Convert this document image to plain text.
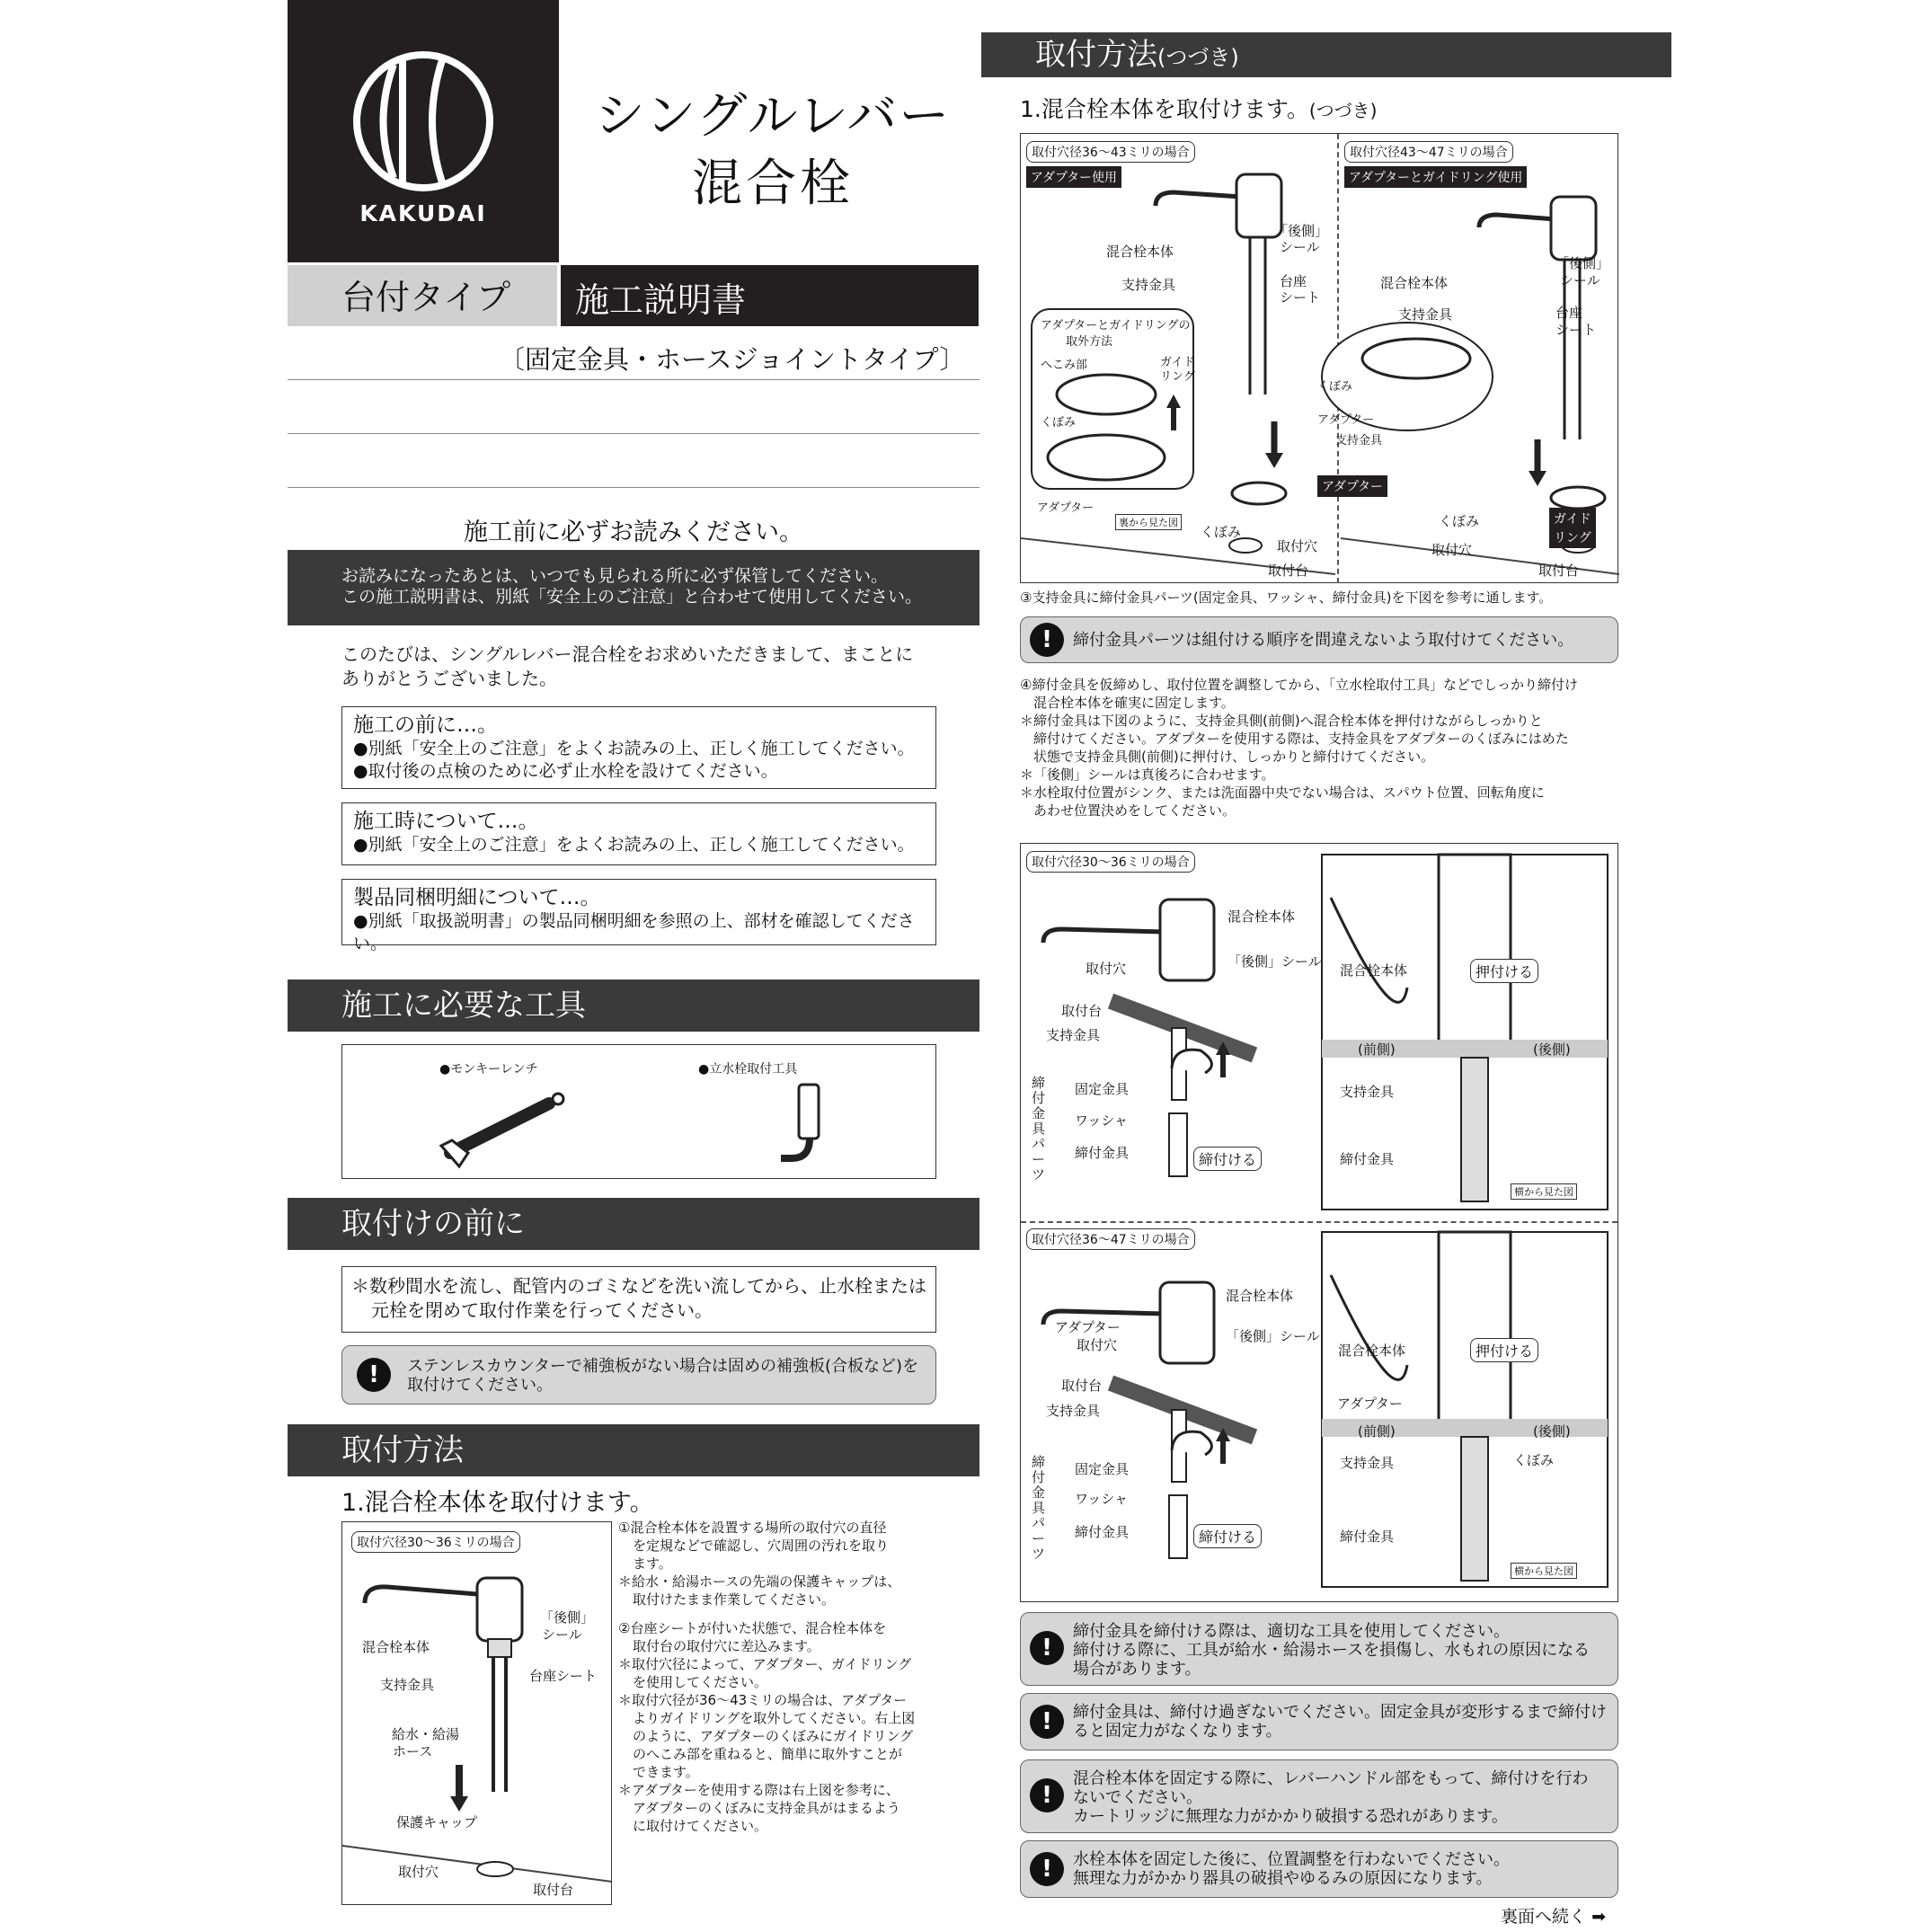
KAKUDAI
シングルレバー
混合栓
台付タイプ 施工説明書
〔固定金具・ホースジョイントタイプ〕
施工前に必ずお読みください。
お読みになったあとは、いつでも見られる所に必ず保管してください。
この施工説明書は、別紙「安全上のご注意」と合わせて使用してください。
このたびは、シングルレバー混合栓をお求めいただきまして、まことに
ありがとうございました。
施工の前に…。
●別紙「安全上のご注意」をよくお読みの上、正しく施工してください。
●取付後の点検のために必ず止水栓を設けてください。
施工時について…。
●別紙「安全上のご注意」をよくお読みの上、正しく施工してください。
製品同梱明細について…。
●別紙「取扱説明書」の製品同梱明細を参照の上、部材を確認してください。
施工に必要な工具
●モンキーレンチ	●立水栓取付工具
取付けの前に
＊数秒間水を流し、配管内のゴミなどを洗い流してから、止水栓または
元栓を閉めて取付作業を行ってください。
!	ステンレスカウンターで補強板がない場合は固めの補強板(合板など)を
取付けてください。
取付方法
1.混合栓本体を取付けます。
取付穴径30〜36ミリの場合
「後側」
シール
混合栓本体
支持金具
台座シート
給水・給湯
ホース
保護キャップ
取付穴
取付台
①混合栓本体を設置する場所の取付穴の直径
を定規などで確認し、穴周囲の汚れを取り
ます。
＊給水・給湯ホースの先端の保護キャップは、
取付けたまま作業してください。
②台座シートが付いた状態で、混合栓本体を
取付台の取付穴に差込みます。
＊取付穴径によって、アダプター、ガイドリング
を使用してください。
＊取付穴径が36〜43ミリの場合は、アダプター
よりガイドリングを取外してください。右上図
のように、アダプターのくぼみにガイドリング
のへこみ部を重ねると、簡単に取外すことが
できます。
＊アダプターを使用する際は右上図を参考に、
アダプターのくぼみに支持金具がはまるよう
に取付けてください。
取付方法(つづき)
1.混合栓本体を取付けます。(つづき)
取付穴径36〜43ミリの場合
アダプター使用
混合栓本体
支持金具
「後側」
シール
台座
シート
アダプターとガイドリングの
取外方法
へこみ部	ガイド
リング
くぼみ
アダプター
裏から見た図
くぼみ
取付穴
取付台
取付穴径43〜47ミリの場合
アダプターとガイドリング使用
混合栓本体
支持金具
「後側」
シール
台座
シート
くぼみ
アダプター
支持金具
アダプター
くぼみ
取付穴
ガイド
リング
取付台
③支持金具に締付金具パーツ(固定金具、ワッシャ、締付金具)を下図を参考に通します。
!	締付金具パーツは組付ける順序を間違えないよう取付けてください。
④締付金具を仮締めし、取付位置を調整してから、「立水栓取付工具」などでしっかり締付け
混合栓本体を確実に固定します。
＊締付金具は下図のように、支持金具側(前側)へ混合栓本体を押付けながらしっかりと
締付けてください。アダプターを使用する際は、支持金具をアダプターのくぼみにはめた
状態で支持金具側(前側)に押付け、しっかりと締付けてください。
＊「後側」シールは真後ろに合わせます。
＊水栓取付位置がシンク、または洗面器中央でない場合は、スパウト位置、回転角度に
あわせ位置決めをしてください。
取付穴径30〜36ミリの場合
混合栓本体
取付穴	「後側」シール
取付台
支持金具
固定金具
ワッシャ
締付金具	締付ける
混合栓本体	押付ける
(前側)	(後側)
支持金具
締付金具
横から見た図
締付金具パーツ
取付穴径36〜47ミリの場合
混合栓本体
アダプター
取付穴
「後側」シール
取付台
支持金具
固定金具
ワッシャ
締付金具	締付ける
混合栓本体	押付ける
アダプター
(前側)	(後側)
支持金具	くぼみ
締付金具
横から見た図
締付金具パーツ
!
締付金具を締付ける際は、適切な工具を使用してください。
締付ける際に、工具が給水・給湯ホースを損傷し、水もれの原因になる
場合があります。
!	締付金具は、締付け過ぎないでください。固定金具が変形するまで締付け
ると固定力がなくなります。
!
混合栓本体を固定する際に、レバーハンドル部をもって、締付けを行わ
ないでください。
カートリッジに無理な力がかかり破損する恐れがあります。
!	水栓本体を固定した後に、位置調整を行わないでください。
無理な力がかかり器具の破損やゆるみの原因になります。
裏面へ続く ➡
